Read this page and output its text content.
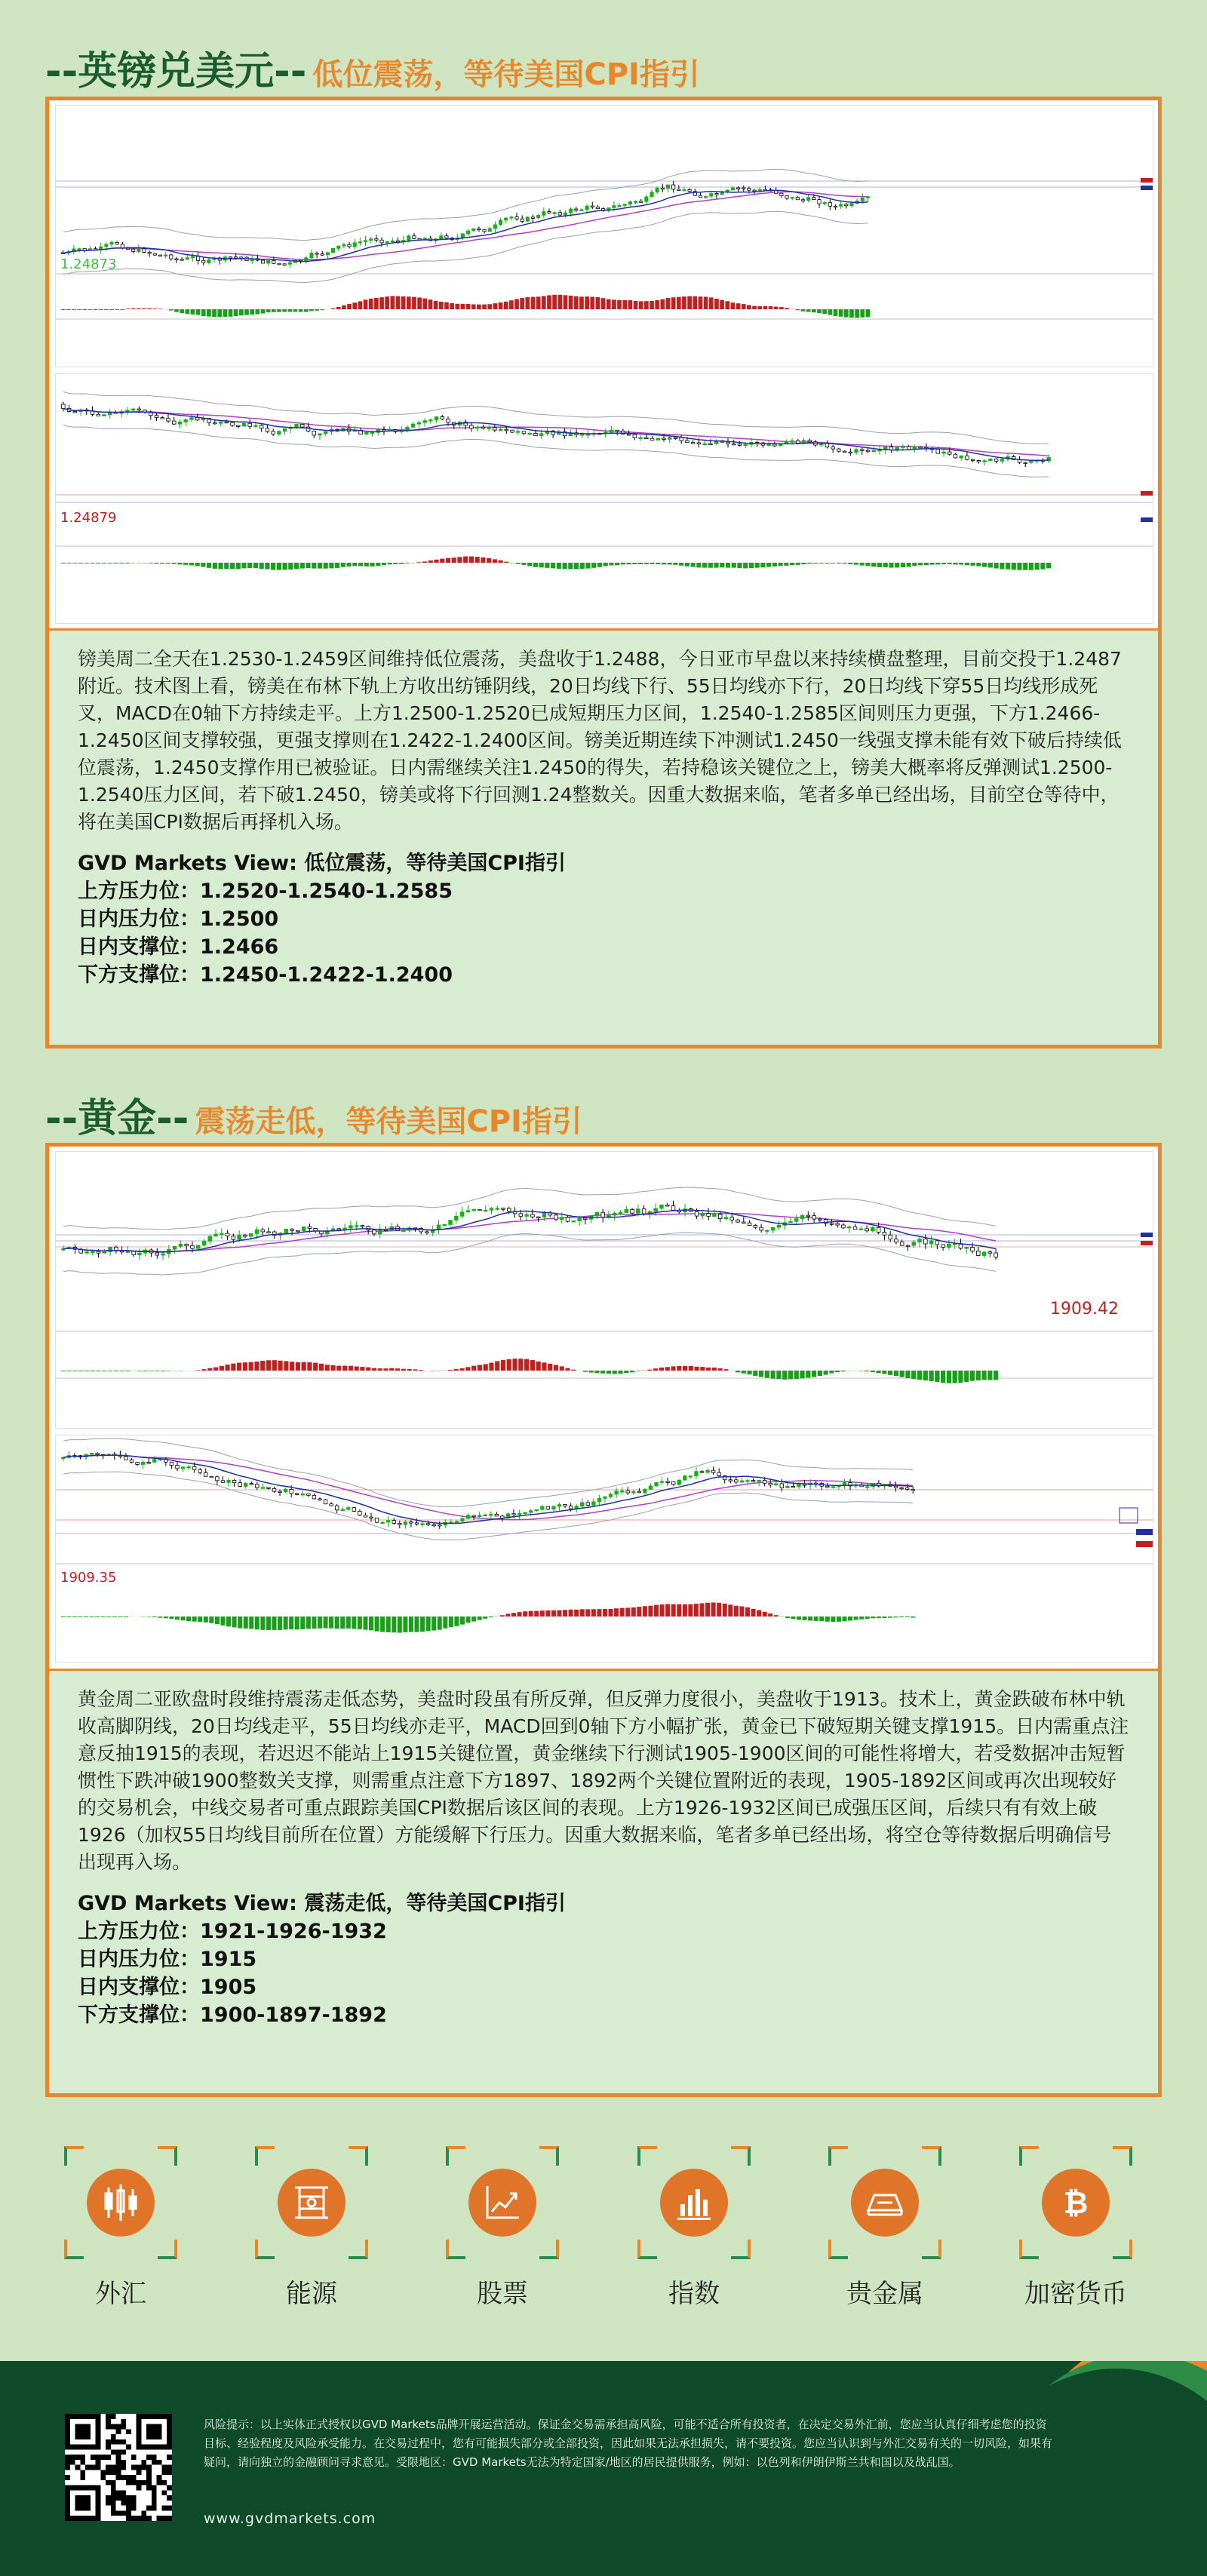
--英镑兑美元-- 低位震荡，等待美国CPI指引
1.24873
1.24879

镑美周二全天在1.2530-1.2459区间维持低位震荡，美盘收于1.2488，今日亚市早盘以来持续横盘整理，目前交投于1.2487附近。技术图上看，镑美在布林下轨上方收出纺锤阴线，20日均线下行、55日均线亦下行，20日均线下穿55日均线形成死叉，MACD在0轴下方持续走平。上方1.2500-1.2520已成短期压力区间，1.2540-1.2585区间则压力更强，下方1.2466-1.2450区间支撑较强，更强支撑则在1.2422-1.2400区间。镑美近期连续下冲测试1.2450一线强支撑未能有效下破后持续低位震荡，1.2450支撑作用已被验证。日内需继续关注1.2450的得失，若持稳该关键位之上，镑美大概率将反弹测试1.2500-1.2540压力区间，若下破1.2450，镑美或将下行回测1.24整数关。因重大数据来临，笔者多单已经出场，目前空仓等待中，将在美国CPI数据后再择机入场。

GVD Markets View: 低位震荡，等待美国CPI指引
上方压力位：1.2520-1.2540-1.2585
日内压力位：1.2500
日内支撑位：1.2466
下方支撑位：1.2450-1.2422-1.2400
--黄金-- 震荡走低，等待美国CPI指引
1909.42
1909.35

黄金周二亚欧盘时段维持震荡走低态势，美盘时段虽有所反弹，但反弹力度很小，美盘收于1913。技术上，黄金跌破布林中轨收高脚阴线，20日均线走平，55日均线亦走平，MACD回到0轴下方小幅扩张，黄金已下破短期关键支撑1915。日内需重点注意反抽1915的表现，若迟迟不能站上1915关键位置，黄金继续下行测试1905-1900区间的可能性将增大，若受数据冲击短暂惯性下跌冲破1900整数关支撑，则需重点注意下方1897、1892两个关键位置附近的表现，1905-1892区间或再次出现较好的交易机会，中线交易者可重点跟踪美国CPI数据后该区间的表现。上方1926-1932区间已成强压区间，后续只有有效上破1926（加权55日均线目前所在位置）方能缓解下行压力。因重大数据来临，笔者多单已经出场，将空仓等待数据后明确信号出现再入场。

GVD Markets View: 震荡走低，等待美国CPI指引
上方压力位：1921-1926-1932
日内压力位：1915
日内支撑位：1905
下方支撑位：1900-1897-1892
外汇	能源	股票	指数	贵金属
₿
加密货币
风险提示：以上实体正式授权以GVD Markets品牌开展运营活动。保证金交易需承担高风险，可能不适合所有投资者，在决定交易外汇前，您应当认真仔细考虑您的投资目标、经验程度及风险承受能力。在交易过程中，您有可能损失部分或全部投资，因此如果无法承担损失，请不要投资。您应当认识到与外汇交易有关的一切风险，如果有疑问，请向独立的金融顾问寻求意见。受限地区：GVD Markets无法为特定国家/地区的居民提供服务，例如：以色列和伊朗伊斯兰共和国以及战乱国。
www.gvdmarkets.com
